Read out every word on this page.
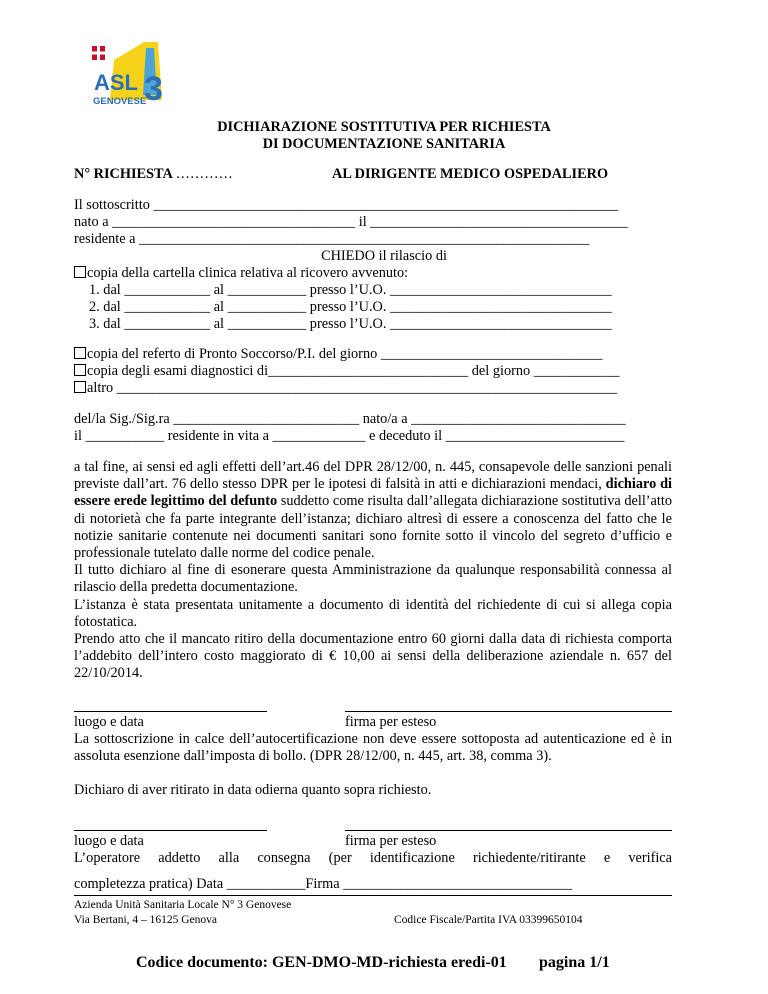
ASL 3
GENOVESE
DICHIARAZIONE SOSTITUTIVA PER RICHIESTA
DI DOCUMENTAZIONE SANITARIA
N° RICHIESTA …………	AL DIRIGENTE MEDICO OSPEDALIERO
Il sottoscritto _________________________________________________________________
nato a __________________________________ il ____________________________________
residente a _______________________________________________________________
CHIEDO il rilascio di
copia della cartella clinica relativa al ricovero avvenuto:
1. dal ____________ al ___________ presso l’U.O. _______________________________
2. dal ____________ al ___________ presso l’U.O. _______________________________
3. dal ____________ al ___________ presso l’U.O. _______________________________
copia del referto di Pronto Soccorso/P.I. del giorno _______________________________
copia degli esami diagnostici di____________________________ del giorno ____________
altro ______________________________________________________________________
del/la Sig./Sig.ra __________________________ nato/a a ______________________________
il ___________ residente in vita a _____________ e deceduto il _________________________

a tal fine, ai sensi ed agli effetti dell’art.46 del DPR 28/12/00, n. 445, consapevole delle sanzioni penali previste dall’art. 76 dello stesso DPR per le ipotesi di falsità in atti e dichiarazioni mendaci, dichiaro di essere erede legittimo del defunto suddetto come risulta dall’allegata dichiarazione sostitutiva dell’atto di notorietà che fa parte integrante dell’istanza; dichiaro altresì di essere a conoscenza del fatto che le notizie sanitarie contenute nei documenti sanitari sono fornite sotto il vincolo del segreto d’ufficio e professionale tutelato dalle norme del codice penale.

Il tutto dichiaro al fine di esonerare questa Amministrazione da qualunque responsabilità connessa al rilascio della predetta documentazione.

L’istanza è stata presentata unitamente a documento di identità del richiedente di cui si allega copia fotostatica.

Prendo atto che il mancato ritiro della documentazione entro 60 giorni dalla data di richiesta comporta l’addebito dell’intero costo maggiorato di € 10,00 ai sensi della deliberazione aziendale n. 657 del 22/10/2014.

luogo e data	firma per esteso
La sottoscrizione in calce dell’autocertificazione non deve essere sottoposta ad autenticazione ed è in assoluta esenzione dall’imposta di bollo. (DPR 28/12/00, n. 445, art. 38, comma 3).
Dichiaro di aver ritirato in data odierna quanto sopra richiesto.
luogo e data	firma per esteso
L’operatore addetto alla consegna (per identificazione richiedente/ritirante e verifica
completezza pratica) Data ___________Firma ________________________________
Azienda Unità Sanitaria Locale N° 3 Genovese
Via Bertani, 4 – 16125 Genova	Codice Fiscale/Partita IVA 03399650104
Codice documento: GEN-DMO-MD-richiesta eredi-01 pagina 1/1
